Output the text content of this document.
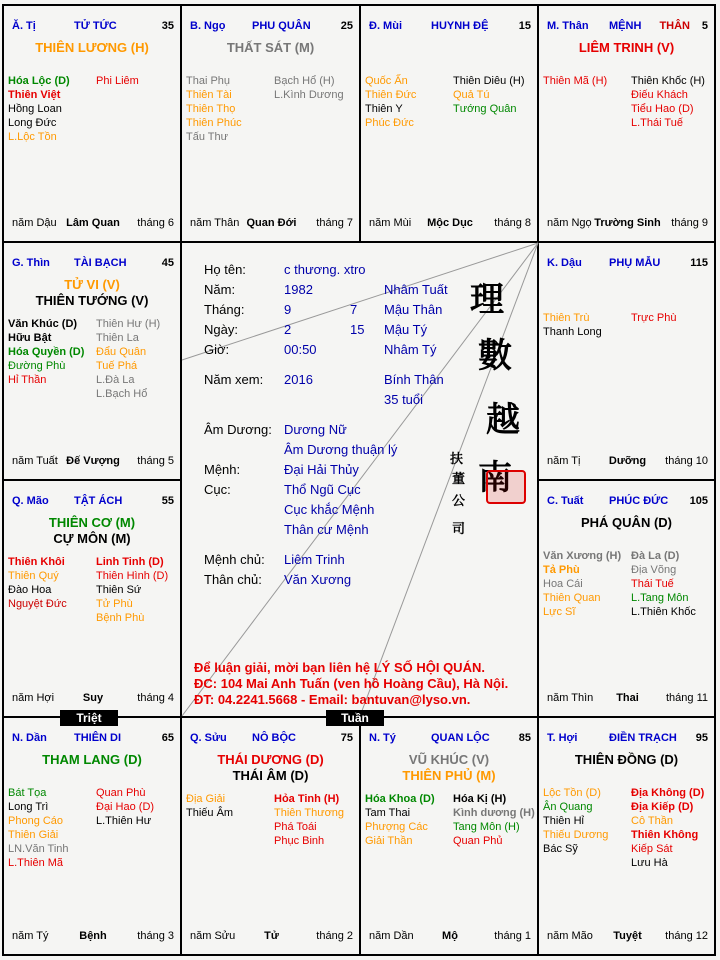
Ă. Tị	TỬ TỨC	35
THIÊN LƯƠNG (H)
Hóa Lộc (D)
Thiên Việt
Hồng Loan
Long Đức
L.Lộc Tồn
Phi Liêm
năm Dậu Lâm Quan	tháng 6
B. Ngọ PHU QUÂN	25
THẤT SÁT (M)
Thai Phụ
Thiên Tài
Thiên Thọ
Thiên Phúc
Tấu Thư
Bạch Hổ (H)
L.Kình Dương
năm Thân Quan Đới	tháng 7
Đ. Mùi	HUYNH ĐỆ	15
Quốc Ấn
Thiên Đức
Thiên Y
Phúc Đức
Thiên Diêu (H)
Quả Tú
Tướng Quân
năm Mùi	Mộc Dục	tháng 8
M. Thân MỆNH THÂN 5
LIÊM TRINH (V)
Thiên Mã (H) Thiên Khốc (H)
Điếu Khách
Tiểu Hao (D)
L.Thái Tuế
năm Ngọ Trường Sinh tháng 9
G. Thìn TÀI BẠCH	45
TỬ VI (V)
THIÊN TƯỚNG (V)
Văn Khúc (D)
Hữu Bật
Hóa Quyền (D)
Đường Phù
Hỉ Thần
Thiên Hư (H)
Thiên La
Đẩu Quân
Tuế Phá
L.Đà La
L.Bạch Hổ
năm Tuất Đế Vượng	tháng 5
K. Dậu PHỤ MẪU	115
Thiên Trù
Thanh Long
Trực Phù
năm Tị	Dưỡng	tháng 10
Q. Mão TẬT ÁCH	55
THIÊN CƠ (M)
CỰ MÔN (M)
Thiên Khôi
Thiên Quý
Đào Hoa
Nguyệt Đức
Linh Tinh (D)
Thiên Hình (D)
Thiên Sứ
Tử Phù
Bệnh Phù
năm Hợi	Suy	tháng 4
C. Tuất PHÚC ĐỨC 105
PHÁ QUÂN (D)
Văn Xương (H)
Tả Phù
Hoa Cái
Thiên Quan
Lực Sĩ
Đà La (D)
Địa Võng
Thái Tuế
L.Tang Môn
L.Thiên Khốc
năm Thìn	Thai	tháng 11
N. Dần THIÊN DI	65
THAM LANG (D)
Bát Tọa
Long Trì
Phong Cáo
Thiên Giải
LN.Văn Tinh
L.Thiên Mã
Quan Phù
Đại Hao (D)
L.Thiên Hư
năm Tý	Bệnh	tháng 3
Q. Sửu NÔ BỘC	75
THÁI DƯƠNG (D)
THÁI ÂM (D)
Địa Giải
Thiếu Âm
Hỏa Tinh (H)
Thiên Thương
Phá Toái
Phục Binh
năm Sửu	Tử	tháng 2
N. Tý	QUAN LỘC	85
VŨ KHÚC (V)
THIÊN PHỦ (M)
Hóa Khoa (D)
Tam Thai
Phượng Các
Giải Thần
Hóa Kị (H)
Kình dương (H)
Tang Môn (H)
Quan Phủ
năm Dần	Mộ	tháng 1
T. Hợi	ĐIỀN TRẠCH 95
THIÊN ĐỒNG (D)
Lộc Tồn (D)
Ân Quang
Thiên Hỉ
Thiếu Dương
Bác Sỹ
Địa Không (D)
Địa Kiếp (D)
Cô Thần
Thiên Không
Kiếp Sát
Lưu Hà
năm Mão	Tuyệt	tháng 12
Họ tên:	c thương. xtro
Năm:	1982	Nhâm Tuất
Tháng:	9	7 Mậu Thân
Ngày:	2	15 Mậu Tý
Giờ:	00:50	Nhâm Tý
Năm xem: 2016	Bính Thân
35 tuổi
Âm Dương: Dương Nữ
Âm Dương thuận lý
Mệnh:	Đại Hải Thủy
Cục:	Thổ Ngũ Cục
Cục khắc Mệnh
Thân cư Mệnh
Mệnh chủ: Liêm Trinh
Thân chủ: Văn Xương
理
數
越
南
扶
董
公
司
Để luận giải, mời bạn liên hệ LÝ SỐ HỘI QUÁN.
ĐC: 104 Mai Anh Tuấn (ven hồ Hoàng Cầu), Hà Nội.
ĐT: 04.2241.5668 - Email: bantuvan@lyso.vn.
Triệt	Tuần
